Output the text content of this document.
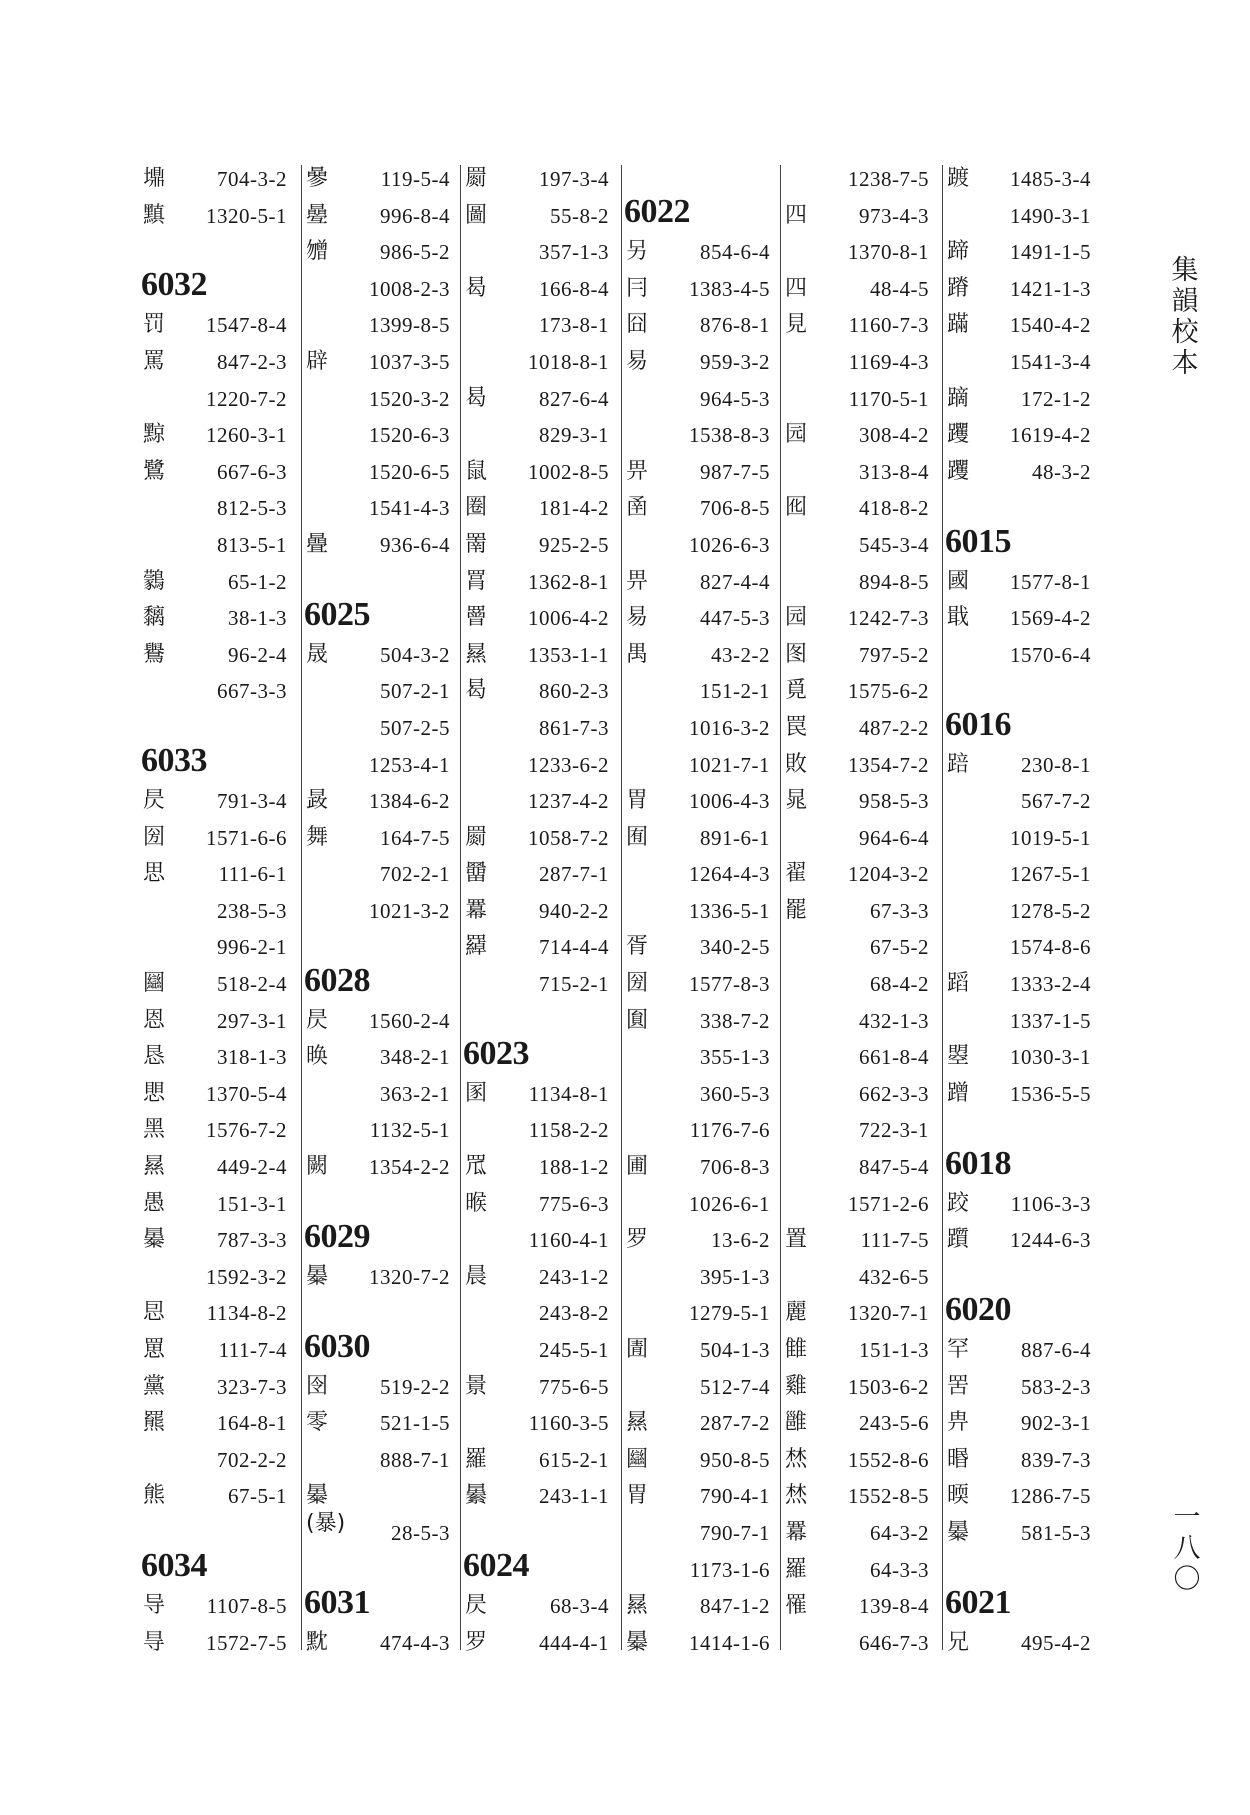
集韻校本
一八〇
䵺	704-3-2
黰	1320-5-1
6032
罚	1547-8-4
罵	847-2-3
1220-7-2
黥	1260-3-1
鷺	667-6-3
812-5-3
813-5-1
鸏	65-1-2
黐	38-1-3
鸒	96-2-4
667-3-3
6033
昃	791-3-4
圀	1571-6-6
思	111-6-1
238-5-3
996-2-1
圝	518-2-4
恩	297-3-1
恳	318-1-3
愳	1370-5-4
黑	1576-7-2
㬎	449-2-4
愚	151-3-1
㬥	787-3-3
1592-3-2
㤙	1134-8-2
罳	111-7-4
黨	323-7-3
羆	164-8-1
702-2-2
熊	67-5-1
6034
导	1107-8-5
㝵	1572-7-5
曑	119-5-4
㬪	996-8-4
㬟	986-5-2
1008-2-3
1399-8-5
辟	1037-3-5
1520-3-2
1520-6-3
1520-6-5
1541-4-3
曡	936-6-4
6025
晟	504-3-2
507-2-1
507-2-5
1253-4-1
晸	1384-6-2
舞	164-7-5
702-2-1
1021-3-2
6028
昃	1560-2-4
㬇	348-2-1
363-2-1
1132-5-1
闕	1354-2-2
6029
㬥	1320-7-2
6030
囹	519-2-2
零	521-1-5
888-7-1
㬥(暴) 28-5-3
6031
黕	474-4-3
罽	197-3-4
圖	55-8-2
357-1-3
曷	166-8-4
173-8-1
1018-8-1
曷	827-6-4
829-3-1
鼠	1002-8-5
圈	181-4-2
罱	925-2-5
罥	1362-8-1
罾	1006-4-2
㬎	1353-1-1
曷	860-2-3
861-7-3
1233-6-2
1237-4-2
罽	1058-7-2
羀	287-7-1
羃	940-2-2
羄	714-4-4
715-2-1
6023
圂	1134-8-1
1158-2-2
罛	188-1-2
㬋	775-6-3
1160-4-1
晨	243-1-2
243-8-2
245-5-1
㬌	775-6-5
1160-3-5
羅	615-2-1
㬧	243-1-1
6024
昃	68-3-4
罗	444-4-1
6022
另	854-6-4
冃	1383-4-5
囧	876-8-1
易	959-3-2
964-5-3
1538-8-3
畀	987-7-5
圅	706-8-5
1026-6-3
畀	827-4-4
易	447-5-3
禺	43-2-2
151-2-1
1016-3-2
1021-7-1
胃	1006-4-3
囿	891-6-1
1264-4-3
1336-5-1
胥	340-2-5
圀	1577-8-3
圎	338-7-2
355-1-3
360-5-3
1176-7-6
圃	706-8-3
1026-6-1
罗	13-6-2
395-1-3
1279-5-1
圊	504-1-3
512-7-4
㬎	287-7-2
圝	950-8-5
胃	790-4-1
790-7-1
1173-1-6
㬎	847-1-2
㬥	1414-1-6
1238-7-5
四	973-4-3
1370-8-1
四	48-4-5
見	1160-7-3
1169-4-3
1170-5-1
园	308-4-2
313-8-4
囮	418-8-2
545-3-4
894-8-5
园	1242-7-3
图	797-5-2
覓	1575-6-2
罠	487-2-2
敗	1354-7-2
晁	958-5-3
964-6-4
翟	1204-3-2
罷	67-3-3
67-5-2
68-4-2
432-1-3
661-8-4
662-3-3
722-3-1
847-5-4
1571-2-6
置	111-7-5
432-6-5
麗	1320-7-1
雔	151-1-3
雞	1503-6-2
雝	243-5-6
㷊	1552-8-6
㷊	1552-8-5
羃	64-3-2
羅	64-3-3
罹	139-8-4
646-7-3
踱	1485-3-4
1490-3-1
蹄	1491-1-5
蹐	1421-1-3
蹣	1540-4-2
1541-3-4
蹢	172-1-2
躩	1619-4-2
躩	48-3-2
6015
國	1577-8-1
戢	1569-4-2
1570-6-4
6016
踣	230-8-1
567-7-2
1019-5-1
1267-5-1
1278-5-2
1574-8-6
蹈	1333-2-4
1337-1-5
曌	1030-3-1
蹭	1536-5-5
6018
跤	1106-3-3
躓	1244-6-3
6020
罕	887-6-4
罟	583-2-3
畁	902-3-1
㬆	839-7-3
㬉	1286-7-5
㬥	581-5-3
6021
兄	495-4-2
